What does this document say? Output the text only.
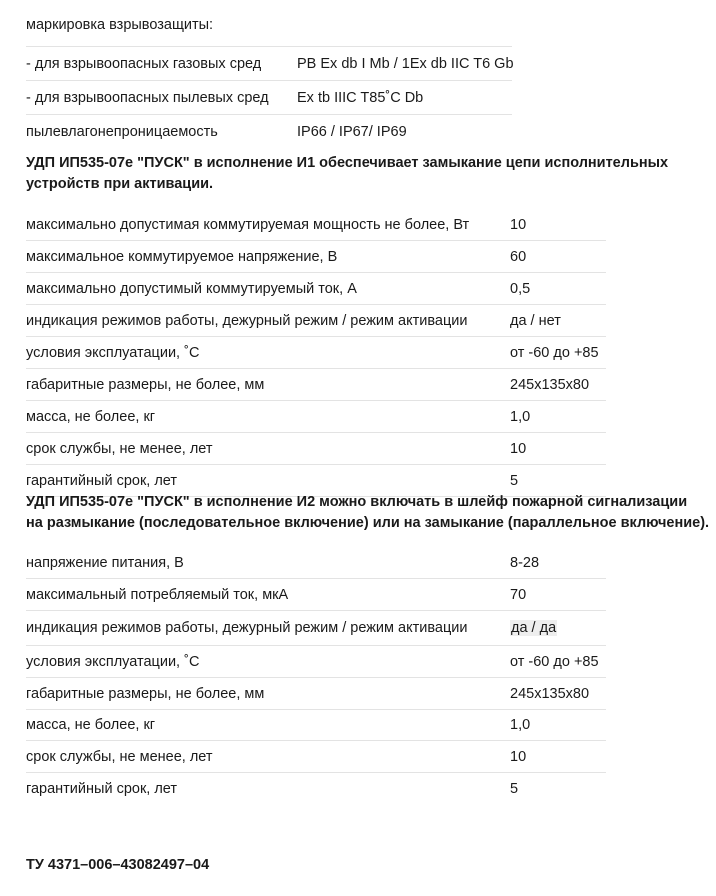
маркировка взрывозащиты:
- для взрывоопасных газовых сред	PB Ex db I Mb / 1Ex db IIC T6 Gb
- для взрывоопасных пылевых сред	Ex tb IIIC T85˚C Db
пылевлагонепроницаемость	IP66 / IP67/ IP69

УДП ИП535-07е "ПУСК" в исполнение И1 обеспечивает замыкание цепи исполнительных

устройств при активации.

максимально допустимая коммутируемая мощность не более, Вт	10
максимальное коммутируемое напряжение, В	60
максимально допустимый коммутируемый ток, А	0,5
индикация режимов работы, дежурный режим / режим активации	да / нет
условия эксплуатации, ˚С	от -60 до +85
габаритные размеры, не более, мм	245х135х80
масса, не более, кг	1,0
срок службы, не менее, лет	10
гарантийный срок, лет	5

УДП ИП535-07е "ПУСК" в исполнение И2 можно включать в шлейф пожарной сигнализации

на размыкание (последовательное включение) или на замыкание (параллельное включение).

напряжение питания, В	8-28
максимальный потребляемый ток, мкА	70
индикация режимов работы, дежурный режим / режим активации	да / да
условия эксплуатации, ˚С	от -60 до +85
габаритные размеры, не более, мм	245х135х80
масса, не более, кг	1,0
срок службы, не менее, лет	10
гарантийный срок, лет	5
ТУ 4371–006–43082497–04
